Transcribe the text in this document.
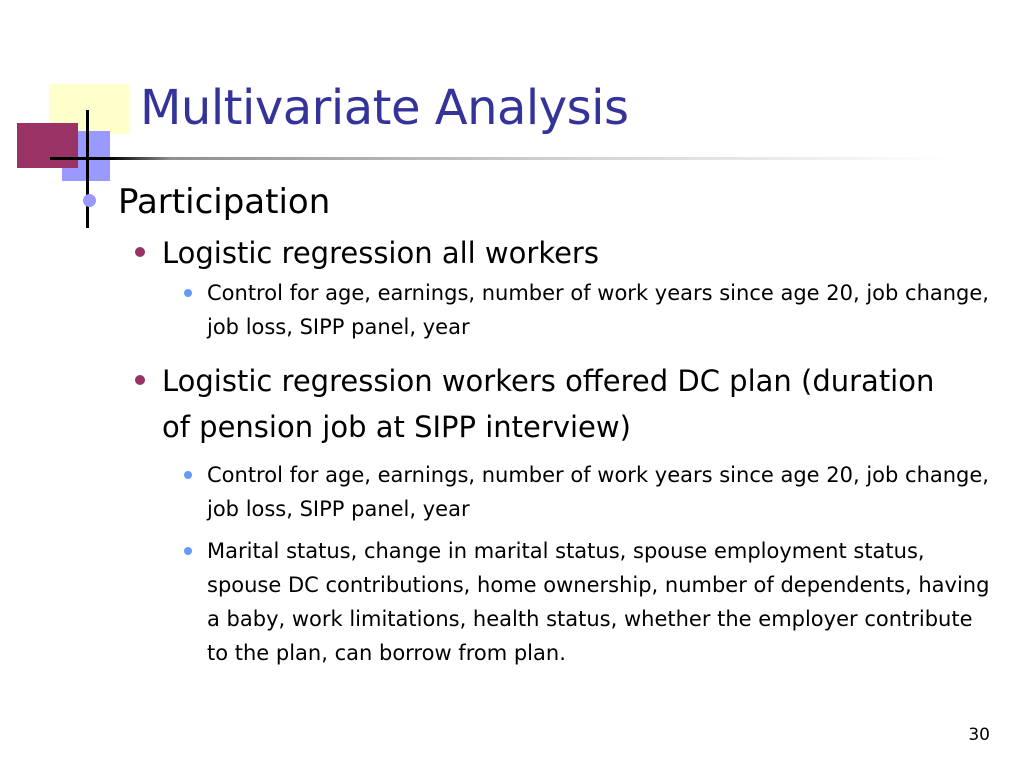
Multivariate Analysis
Participation
Logistic regression all workers
Control for age, earnings, number of work years since age 20, job change, job loss, SIPP panel, year
Logistic regression workers offered DC plan (duration of pension job at SIPP interview)
Control for age, earnings, number of work years since age 20, job change, job loss, SIPP panel, year
Marital status, change in marital status, spouse employment status, spouse DC contributions, home ownership, number of dependents, having a baby, work limitations, health status, whether the employer contribute to the plan, can borrow from plan.
30
